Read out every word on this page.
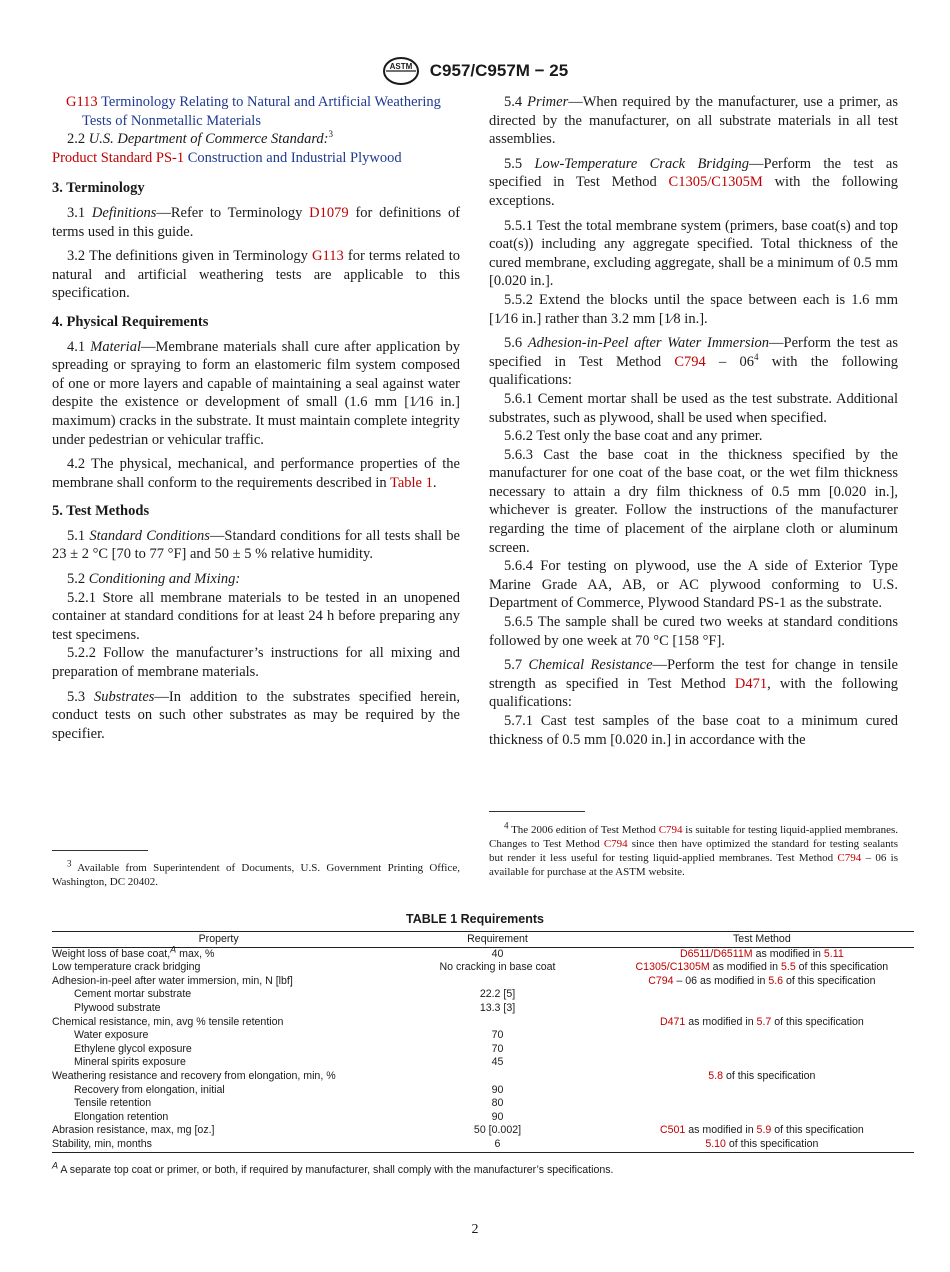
ASTM C957/C957M − 25

G113 Terminology Relating to Natural and Artificial Weathering Tests of Nonmetallic Materials

2.2 U.S. Department of Commerce Standard:$^3$

Product Standard PS-1 Construction and Industrial Plywood

3. Terminology

3.1 Definitions—Refer to Terminology D1079 for definitions of terms used in this guide.

3.2 The definitions given in Terminology G113 for terms related to natural and artificial weathering tests are applicable to this specification.

4. Physical Requirements

4.1 Material—Membrane materials shall cure after application by spreading or spraying to form an elastomeric film system composed of one or more layers and capable of maintaining a seal against water despite the existence or development of small (1.6 mm [1⁄16 in.] maximum) cracks in the substrate. It must maintain complete integrity under pedestrian or vehicular traffic.

4.2 The physical, mechanical, and performance properties of the membrane shall conform to the requirements described in Table 1.

5. Test Methods

5.1 Standard Conditions—Standard conditions for all tests shall be 23 ± 2 °C [70 to 77 °F] and 50 ± 5 % relative humidity.

5.2 Conditioning and Mixing:

5.2.1 Store all membrane materials to be tested in an unopened container at standard conditions for at least 24 h before preparing any test specimens.

5.2.2 Follow the manufacturer’s instructions for all mixing and preparation of membrane materials.

5.3 Substrates—In addition to the substrates specified herein, conduct tests on such other substrates as may be required by the specifier.

$^3$ Available from Superintendent of Documents, U.S. Government Printing Office, Washington, DC 20402.

5.4 Primer—When required by the manufacturer, use a primer, as directed by the manufacturer, on all substrate materials in all test assemblies.

5.5 Low-Temperature Crack Bridging—Perform the test as specified in Test Method C1305/C1305M with the following exceptions.

5.5.1 Test the total membrane system (primers, base coat(s) and top coat(s)) including any aggregate specified. Total thickness of the cured membrane, excluding aggregate, shall be a minimum of 0.5 mm [0.020 in.].

5.5.2 Extend the blocks until the space between each is 1.6 mm [1⁄16 in.] rather than 3.2 mm [1⁄8 in.].

5.6 Adhesion-in-Peel after Water Immersion—Perform the test as specified in Test Method $C794 - 06^4$ with the following qualifications:

5.6.1 Cement mortar shall be used as the test substrate. Additional substrates, such as plywood, shall be used when specified.

5.6.2 Test only the base coat and any primer.

5.6.3 Cast the base coat in the thickness specified by the manufacturer for one coat of the base coat, or the wet film thickness necessary to attain a dry film thickness of 0.5 mm [0.020 in.], whichever is greater. Follow the instructions of the manufacturer regarding the time of placement of the airplane cloth or aluminum screen.

5.6.4 For testing on plywood, use the A side of Exterior Type Marine Grade AA, AB, or AC plywood conforming to U.S. Department of Commerce, Plywood Standard PS-1 as the substrate.

5.6.5 The sample shall be cured two weeks at standard conditions followed by one week at 70 °C [158 °F].

5.7 Chemical Resistance—Perform the test for change in tensile strength as specified in Test Method D471, with the following qualifications:

5.7.1 Cast test samples of the base coat to a minimum cured thickness of 0.5 mm [0.020 in.] in accordance with the

$^4$ The 2006 edition of Test Method C794 is suitable for testing liquid-applied membranes. Changes to Test Method C794 since then have optimized the standard for testing sealants but render it less useful for testing liquid-applied membranes. Test Method C794 – 06 is available for purchase at the ASTM website.

TABLE 1 Requirements
Property	Requirement	Test Method
Weight loss of base coat,$^A$ max, %	40	D6511/D6511M as modified in 5.11
Low temperature crack bridging	No cracking in base coat	C1305/C1305M as modified in 5.5 of this specification
Adhesion-in-peel after water immersion, min, N [lbf]		C794 – 06 as modified in 5.6 of this specification
Cement mortar substrate	22.2 [5]	
Plywood substrate	13.3 [3]	
Chemical resistance, min, avg % tensile retention		D471 as modified in 5.7 of this specification
Water exposure	70	
Ethylene glycol exposure	70	
Mineral spirits exposure	45	
Weathering resistance and recovery from elongation, min, %		5.8 of this specification
Recovery from elongation, initial	90	
Tensile retention	80	
Elongation retention	90	
Abrasion resistance, max, mg [oz.]	50 [0.002]	C501 as modified in 5.9 of this specification
Stability, min, months	6	5.10 of this specification
$^A$ A separate top coat or primer, or both, if required by manufacturer, shall comply with the manufacturer’s specifications.
2
